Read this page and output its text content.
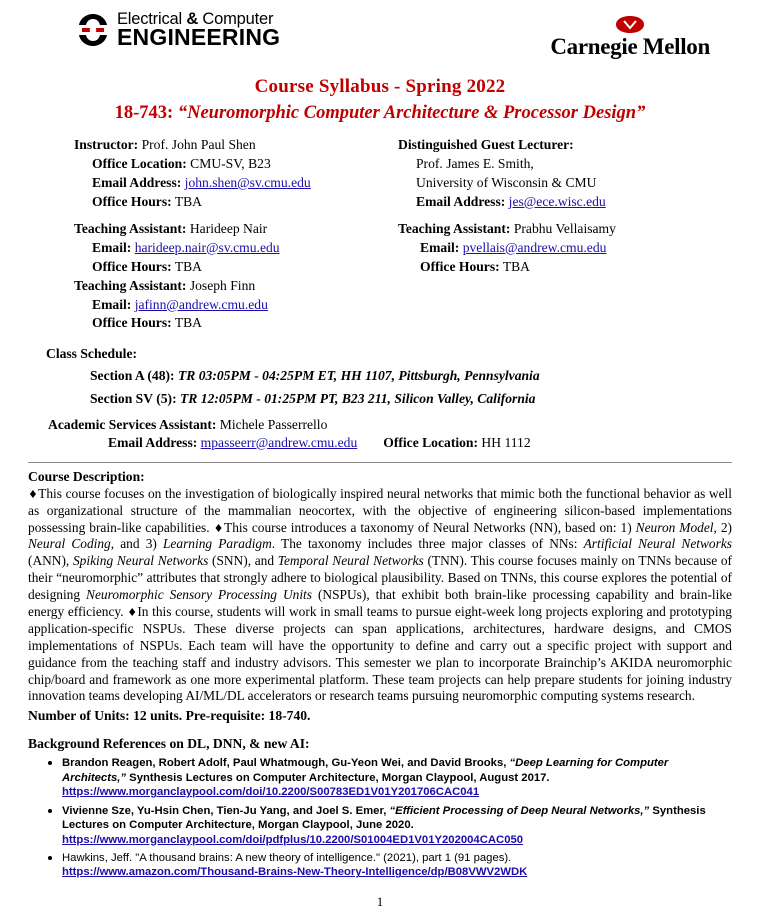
Electrical & Computer
ENGINEERING	Carnegie Mellon
Course Syllabus - Spring 2022
18-743: “Neuromorphic Computer Architecture & Processor Design”
Instructor: Prof. John Paul Shen
Office Location: CMU-SV, B23
Email Address: john.shen@sv.cmu.edu
Office Hours: TBA
Teaching Assistant: Harideep Nair
Email: harideep.nair@sv.cmu.edu
Office Hours: TBA
Teaching Assistant: Joseph Finn
Email: jafinn@andrew.cmu.edu
Office Hours: TBA
Distinguished Guest Lecturer:
Prof. James E. Smith,
University of Wisconsin & CMU
Email Address: jes@ece.wisc.edu
Teaching Assistant: Prabhu Vellaisamy
Email: pvellais@andrew.cmu.edu
Office Hours: TBA
Class Schedule:
Section A (48): TR 03:05PM - 04:25PM ET, HH 1107, Pittsburgh, Pennsylvania
Section SV (5): TR 12:05PM - 01:25PM PT, B23 211, Silicon Valley, California
Academic Services Assistant: Michele Passerrello
Email Address: mpasseerr@andrew.cmu.edu Office Location: HH 1112
Course Description:
♦This course focuses on the investigation of biologically inspired neural networks that mimic both the functional behavior as well as organizational structure of the mammalian neocortex, with the objective of engineering silicon-based implementations possessing brain-like capabilities. ♦This course introduces a taxonomy of Neural Networks (NN), based on: 1) Neuron Model, 2) Neural Coding, and 3) Learning Paradigm. The taxonomy includes three major classes of NNs: Artificial Neural Networks (ANN), Spiking Neural Networks (SNN), and Temporal Neural Networks (TNN). This course focuses mainly on TNNs because of their “neuromorphic” attributes that strongly adhere to biological plausibility. Based on TNNs, this course explores the potential of designing Neuromorphic Sensory Processing Units (NSPUs), that exhibit both brain-like processing capability and brain-like energy efficiency. ♦In this course, students will work in small teams to pursue eight-week long projects exploring and prototyping application-specific NSPUs. These diverse projects can span applications, architectures, hardware designs, and CMOS implementations of NSPUs. Each team will have the opportunity to define and carry out a specific project with support and guidance from the teaching staff and industry advisors. This semester we plan to incorporate Brainchip’s AKIDA neuromorphic chip/board and framework as one more experimental platform. These team projects can help prepare students for joining industry innovation teams developing AI/ML/DL accelerators or research teams pursuing neuromorphic computing systems research.
Number of Units: 12 units. Pre-requisite: 18-740.
Background References on DL, DNN, & new AI:
• Brandon Reagen, Robert Adolf, Paul Whatmough, Gu-Yeon Wei, and David Brooks, “Deep Learning for Computer Architects,” Synthesis Lectures on Computer Architecture, Morgan Claypool, August 2017.
https://www.morganclaypool.com/doi/10.2200/S00783ED1V01Y201706CAC041
• Vivienne Sze, Yu-Hsin Chen, Tien-Ju Yang, and Joel S. Emer, “Efficient Processing of Deep Neural Networks,” Synthesis Lectures on Computer Architecture, Morgan Claypool, June 2020.
https://www.morganclaypool.com/doi/pdfplus/10.2200/S01004ED1V01Y202004CAC050
• Hawkins, Jeff. "A thousand brains: A new theory of intelligence." (2021), part 1 (91 pages).
https://www.amazon.com/Thousand-Brains-New-Theory-Intelligence/dp/B08VWV2WDK
1
